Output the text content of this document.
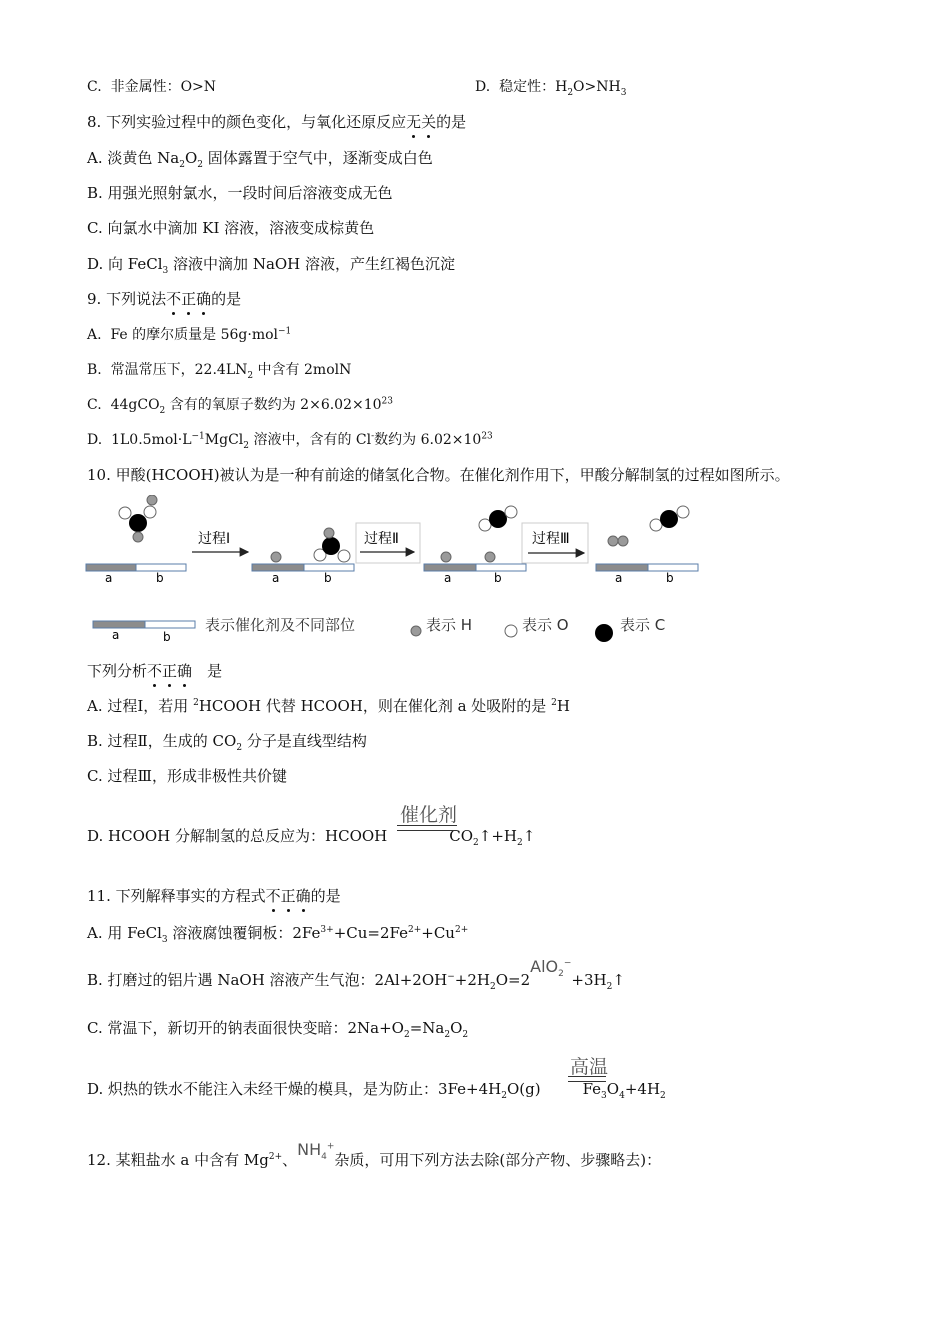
C. 非金属性：O>N	D. 稳定性：$H_2O>NH_3$
8. 下列实验过程中的颜色变化，与氧化还原反应无关的是
A. 淡黄色 $Na_2O_2$ 固体露置于空气中，逐渐变成白色
B. 用强光照射氯水，一段时间后溶液变成无色
C. 向氯水中滴加 KI 溶液，溶液变成棕黄色
D. 向 FeCl$_3$ 溶液中滴加 NaOH 溶液，产生红褐色沉淀
9. 下列说法不正确的是
A.  Fe 的摩尔质量是 56g·mol$^{-1}$
B.  常温常压下，$22.4LN_2$ 中含有 2molN
C.  44gCO$_2$ 含有的氧原子数约为 $2\times 6.02\times 10^{23}$
D.  $1L0.5mol\cdot L^{-1}MgCl_2$ 溶液中，含有的 Cl-数约为 $6.02\times 10^{23}$
10. 甲酸(HCOOH)被认为是一种有前途的储氢化合物。在催化剂作用下，甲酸分解制氢的过程如图所示。
a	b
过程Ⅰ
a	b
过程Ⅱ
a	b
过程Ⅲ
a	b
a	b
表示催化剂及不同部位	表示 H	表示 O	表示 C
下列分析不正确　是
A. 过程Ⅰ，若用 $^2$HCOOH 代替 HCOOH，则在催化剂 a 处吸附的是 $^2$H
B. 过程Ⅱ，生成的 $CO_2$ 分子是直线型结构
C. 过程Ⅲ，形成非极性共价键
D. HCOOH 分解制氢的总反应为：HCOOH	$CO_2↑+H_2↑$
催化剂
11. 下列解释事实的方程式不正确的是
A. 用 FeCl$_3$ 溶液腐蚀覆铜板：$2Fe^{3+}+Cu=2Fe^{2+}+Cu^{2+}$
B. 打磨过的铝片遇 NaOH 溶液产生气泡：$2Al+2OH^-+2H_2O=2AlO_2^-+3H_2↑$
C. 常温下，新切开的钠表面很快变暗：$2Na+O_2=Na_2O_2$
D. 炽热的铁水不能注入未经干燥的模具，是为防止：$3Fe+4H_2O(g)$	$Fe_3O_4+4H_2$
高温
12. 某粗盐水 a 中含有 $Mg^{2+}$、$NH_4^+$杂质，可用下列方法去除(部分产物、步骤略去)：
